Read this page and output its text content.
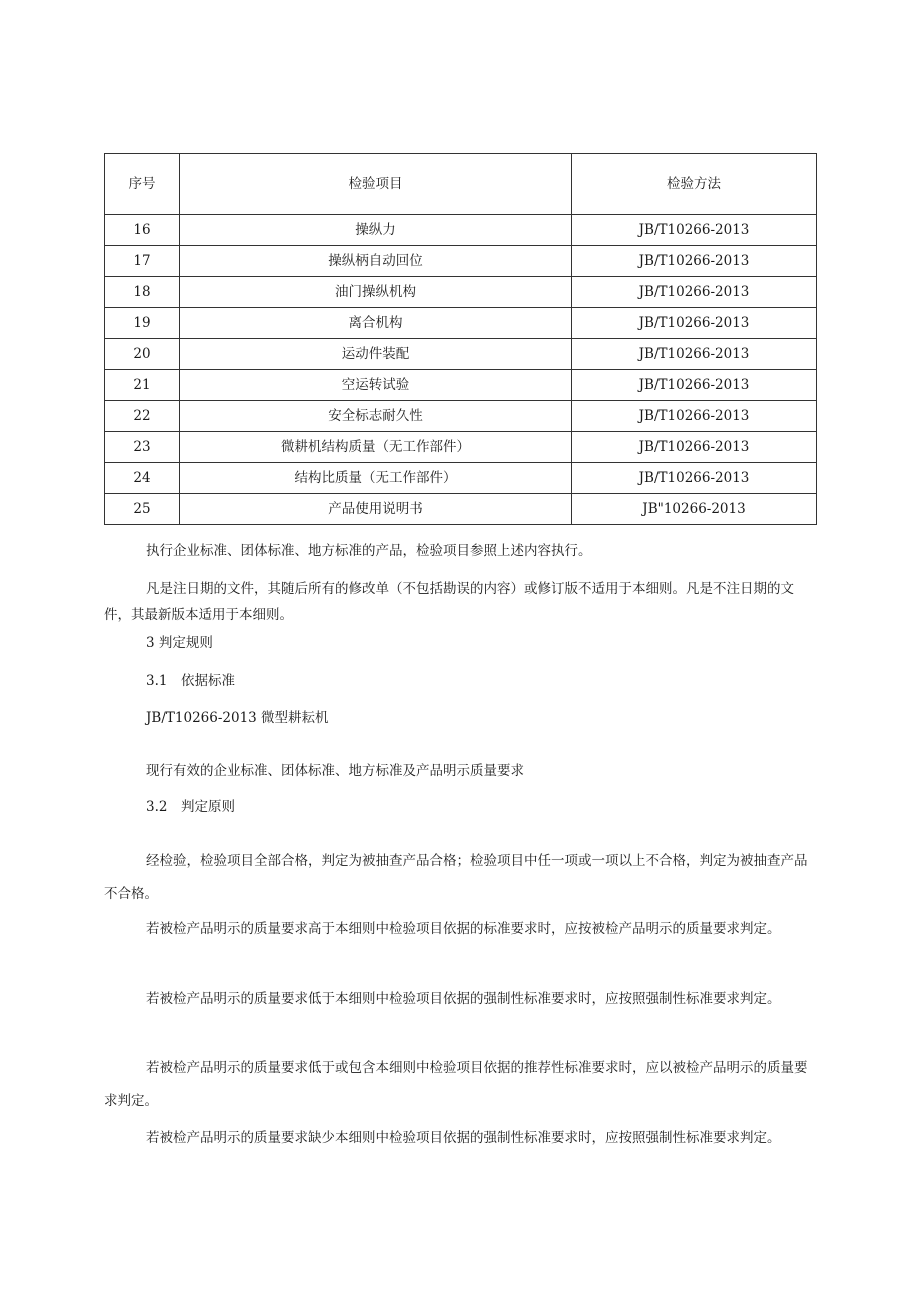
序号	检验项目	检验方法
16	操纵力	JB/T10266-2013
17	操纵柄自动回位	JB/T10266-2013
18	油门操纵机构	JB/T10266-2013
19	离合机构	JB/T10266-2013
20	运动件装配	JB/T10266-2013
21	空运转试验	JB/T10266-2013
22	安全标志耐久性	JB/T10266-2013
23	微耕机结构质量（无工作部件）	JB/T10266-2013
24	结构比质量（无工作部件）	JB/T10266-2013
25	产品使用说明书	JB"10266-2013

执行企业标准、团体标准、地方标准的产品，检验项目参照上述内容执行。

凡是注日期的文件，其随后所有的修改单（不包括勘误的内容）或修订版不适用于本细则。凡是不注日期的文件，其最新版本适用于本细则。

3 判定规则

3.1　依据标准

JB/T10266-2013 微型耕耘机

现行有效的企业标准、团体标准、地方标准及产品明示质量要求

3.2　判定原则

经检验，检验项目全部合格，判定为被抽查产品合格；检验项目中任一项或一项以上不合格，判定为被抽查产品不合格。

若被检产品明示的质量要求高于本细则中检验项目依据的标准要求时，应按被检产品明示的质量要求判定。

若被检产品明示的质量要求低于本细则中检验项目依据的强制性标准要求时，应按照强制性标准要求判定。

若被检产品明示的质量要求低于或包含本细则中检验项目依据的推荐性标准要求时，应以被检产品明示的质量要求判定。

若被检产品明示的质量要求缺少本细则中检验项目依据的强制性标准要求时，应按照强制性标准要求判定。
